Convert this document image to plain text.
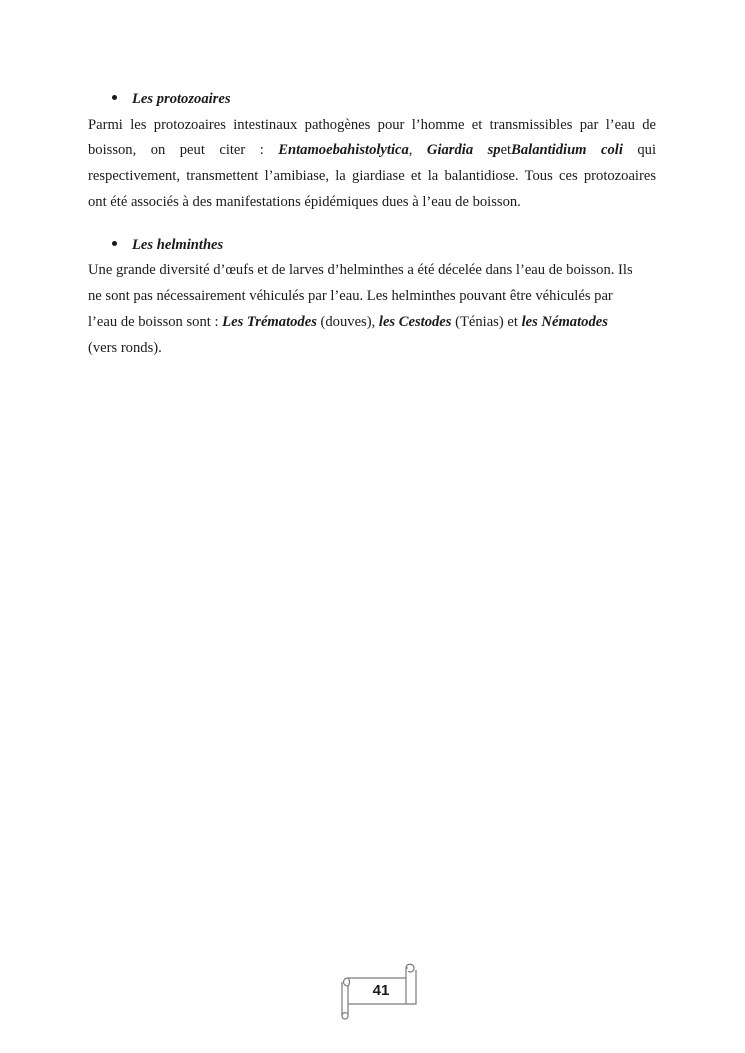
Les protozoaires
Parmi les protozoaires intestinaux pathogènes pour l’homme et transmissibles par l’eau de
boisson, on peut citer : Entamoebahistolytica, Giardia spetBalantidium coli qui
respectivement, transmettent l’amibiase, la giardiase et la balantidiose. Tous ces protozoaires
ont été associés à des manifestations épidémiques dues à l’eau de boisson.
Les helminthes
Une grande diversité d’œufs et de larves d’helminthes a été décelée dans l’eau de boisson. Ils
ne sont pas nécessairement véhiculés par l’eau. Les helminthes pouvant être véhiculés par
l’eau de boisson sont : Les Trématodes (douves), les Cestodes (Ténias) et les Nématodes
(vers ronds).
41
